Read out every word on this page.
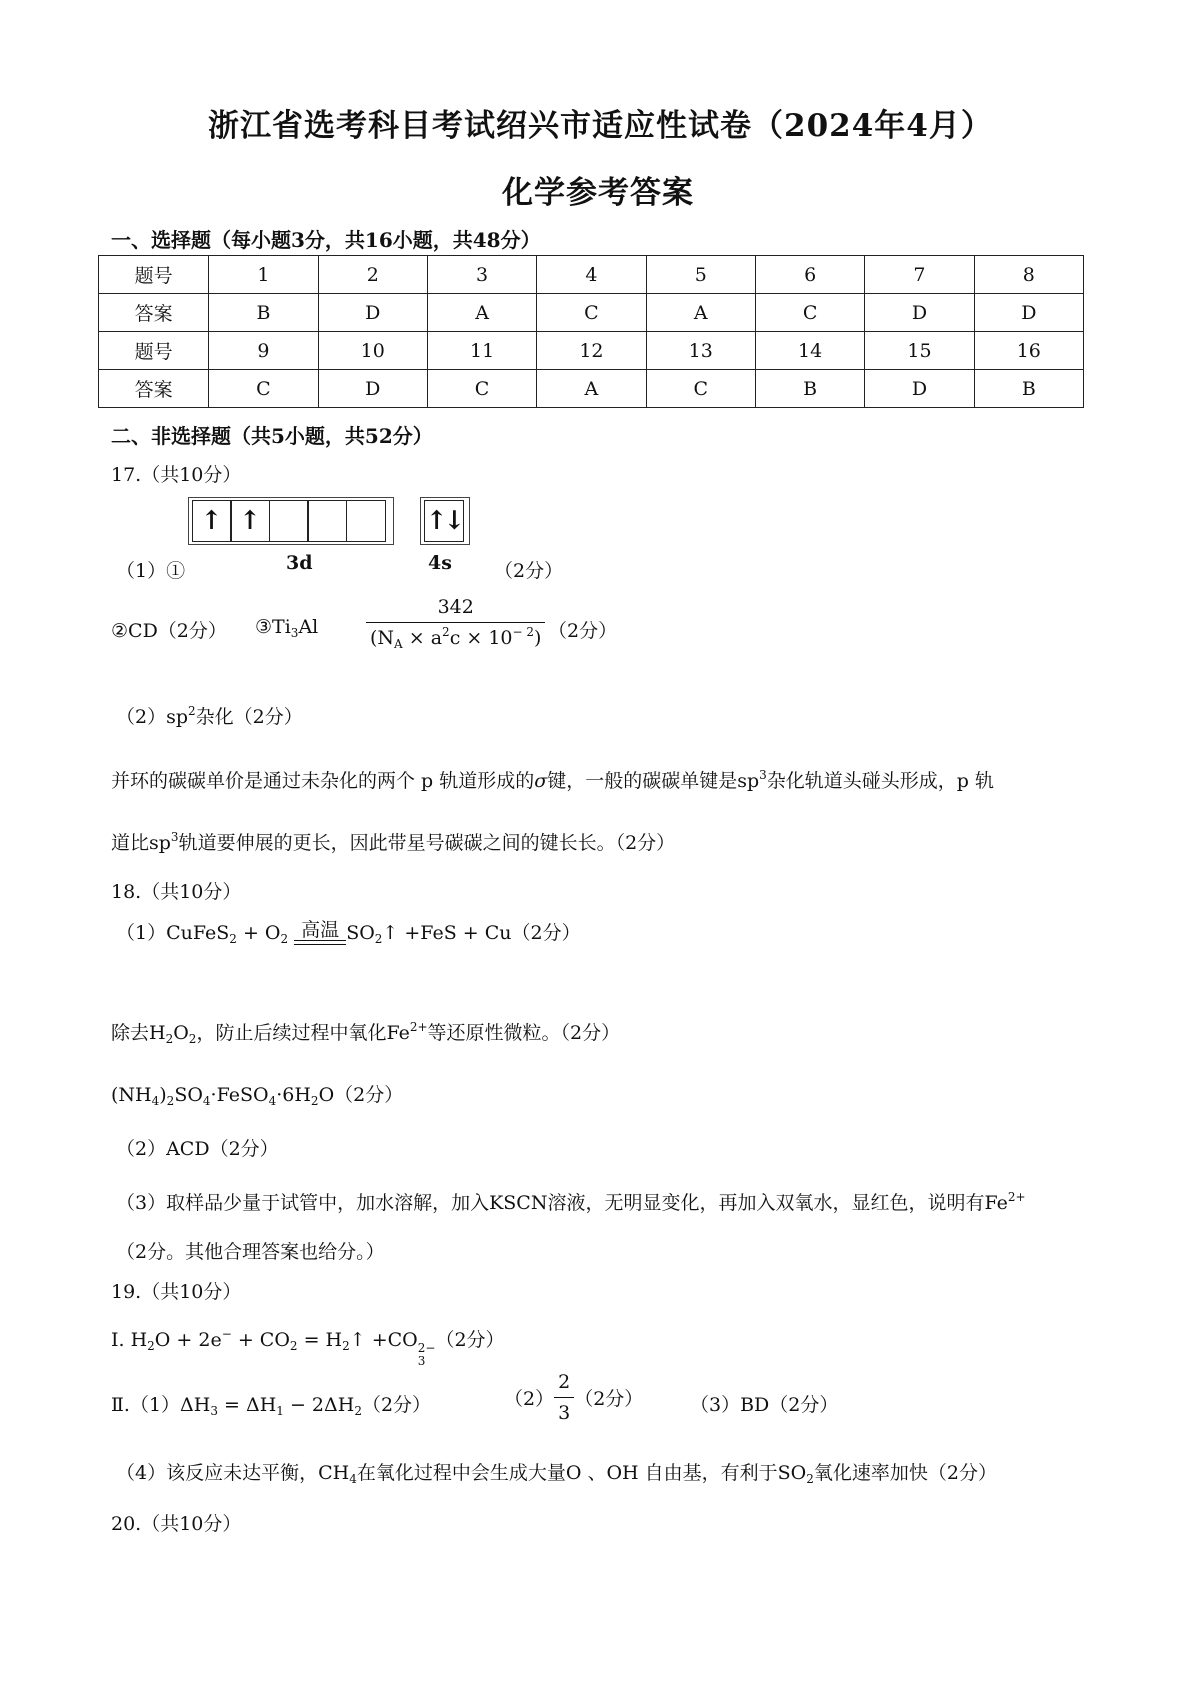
浙江省选考科目考试绍兴市适应性试卷（2024年4月）
化学参考答案
一、选择题（每小题3分，共16小题，共48分）
题号	1	2	3	4	5	6	7	8
答案	B	D	A	C	A	C	D	D
题号	9	10	11	12	13	14	15	16
答案	C	D	C	A	C	B	D	B
二、非选择题（共5小题，共52分）
17.（共10分）
↑ ↑	↑↓
3d	4s
（1）①	（2分）
②CD（2分） $③Ti_3Al$	$\frac{342}{(N_A \times a^2c \times 10^{- 2})} (2$分）
$(2)sp^2$杂化（2分）
并环的碳碳单价是通过未杂化的两个 p 轨道形成的σ键，一般的碳碳单键是$sp^3$杂化轨道头碰头形成，p 轨
道比$sp^3$轨道要伸展的更长，因此带星号碳碳之间的键长长。（2分）
18.（共10分）
（1）CuFeS$_2$ + $O_2$ 高温 $SO_2↑ +FeS + Cu(2$分）
除去$H_2O_2$，防止后续过程中氧化$Fe^{2+}$等还原性微粒。（2分）
$(NH_4)_2SO_4\cdot FeSO_4\cdot 6H_2O(2$分）
（2）ACD（2分）
（3）取样品少量于试管中，加水溶解，加入KSCN溶液，无明显变化，再加入双氧水，显红色，说明有$Fe^{2+}$
（2分。其他合理答案也给分。）
19.（共10分）
Ⅰ. $H_2O + 2e^- + CO_2$ = $H_2↑ +CO$ 2−
3
（2分）
$Ⅱ.(1)\Delta H_3 = \Delta H_1 - 2\Delta H_2(2$分）	$(2) \frac{2}{3} (2$分） （3）BD（2分）
（4）该反应未达平衡，$CH_4$在氧化过程中会生成大量O 、OH 自由基，有利于$SO_2$氧化速率加快（2分）
20.（共10分）
